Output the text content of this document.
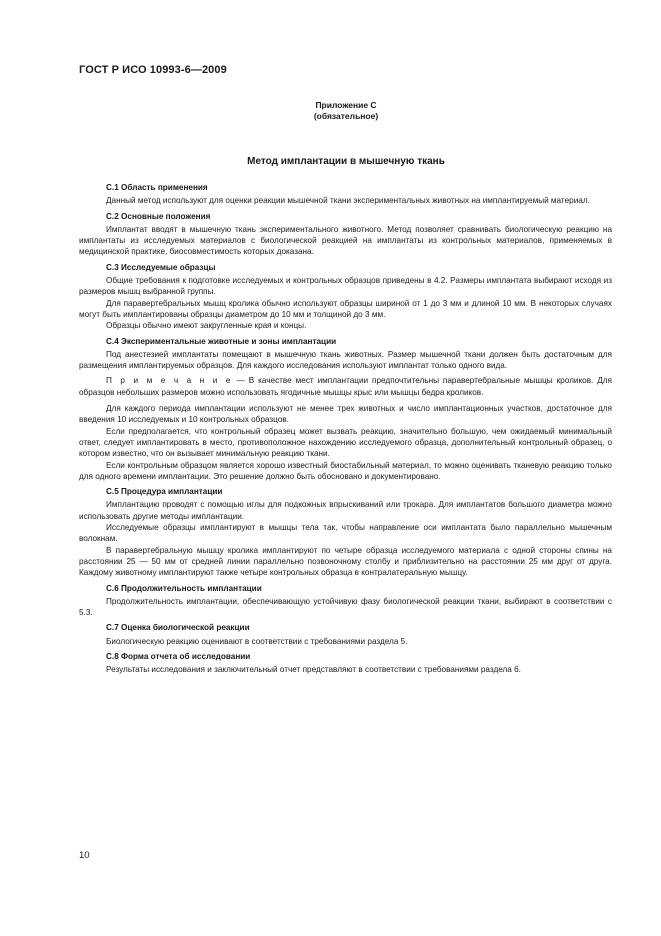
ГОСТ Р ИСО 10993-6—2009
Приложение С
(обязательное)
Метод имплантации в мышечную ткань

С.1 Область применения

Данный метод используют для оценки реакции мышечной ткани экспериментальных животных на имплантируемый материал.

С.2 Основные положения

Имплантат вводят в мышечную ткань экспериментального животного. Метод позволяет сравнивать биологическую реакцию на имплантаты из исследуемых материалов с биологической реакцией на имплантаты из контрольных материалов, применяемых в медицинской практике, биосовместимость которых доказана.

С.3 Исследуемые образцы

Общие требования к подготовке исследуемых и контрольных образцов приведены в 4.2. Размеры имплантата выбирают исходя из размеров мышц выбранной группы.

Для паравертебральных мышц кролика обычно используют образцы шириной от 1 до 3 мм и длиной 10 мм. В некоторых случаях могут быть имплантированы образцы диаметром до 10 мм и толщиной до 3 мм.

Образцы обычно имеют закругленные края и концы.

С.4 Экспериментальные животные и зоны имплантации

Под анестезией имплантаты помещают в мышечную ткань животных. Размер мышечной ткани должен быть достаточным для размещения имплантируемых образцов. Для каждого исследования используют имплантат только одного вида.

П р и м е ч а н и е — В качестве мест имплантации предпочтительны паравертебральные мышцы кроликов. Для образцов небольших размеров можно использовать ягодичные мышцы крыс или мышцы бедра кроликов.

Для каждого периода имплантации используют не менее трех животных и число имплантационных участков, достаточное для введения 10 исследуемых и 10 контрольных образцов.

Если предполагается, что контрольный образец может вызвать реакцию, значительно большую, чем ожидаемый минимальный ответ, следует имплантировать в место, противоположное нахождению исследуемого образца, дополнительный контрольный образец, о котором известно, что он вызывает минимальную реакцию ткани.

Если контрольным образцом является хорошо известный биостабильный материал, то можно оценивать тканевую реакцию только для одного времени имплантации. Это решение должно быть обосновано и документировано.

С.5 Процедура имплантации

Имплантацию проводят с помощью иглы для подкожных впрыскиваний или трокара. Для имплантатов большого диаметра можно использовать другие методы имплантации.

Исследуемые образцы имплантируют в мышцы тела так, чтобы направление оси имплантата было параллельно мышечным волокнам.

В паравертебральную мышцу кролика имплантируют по четыре образца исследуемого материала с одной стороны спины на расстоянии 25 — 50 мм от средней линии параллельно позвоночному столбу и приблизительно на расстоянии 25 мм друг от друга. Каждому животному имплантируют также четыре контрольных образца в контралатеральную мышцу.

С.6 Продолжительность имплантации

Продолжительность имплантации, обеспечивающую устойчивую фазу биологической реакции ткани, выбирают в соответствии с 5.3.

С.7 Оценка биологической реакции

Биологическую реакцию оценивают в соответствии с требованиями раздела 5.

С.8 Форма отчета об исследовании

Результаты исследования и заключительный отчет представляют в соответствии с требованиями раздела 6.

10
